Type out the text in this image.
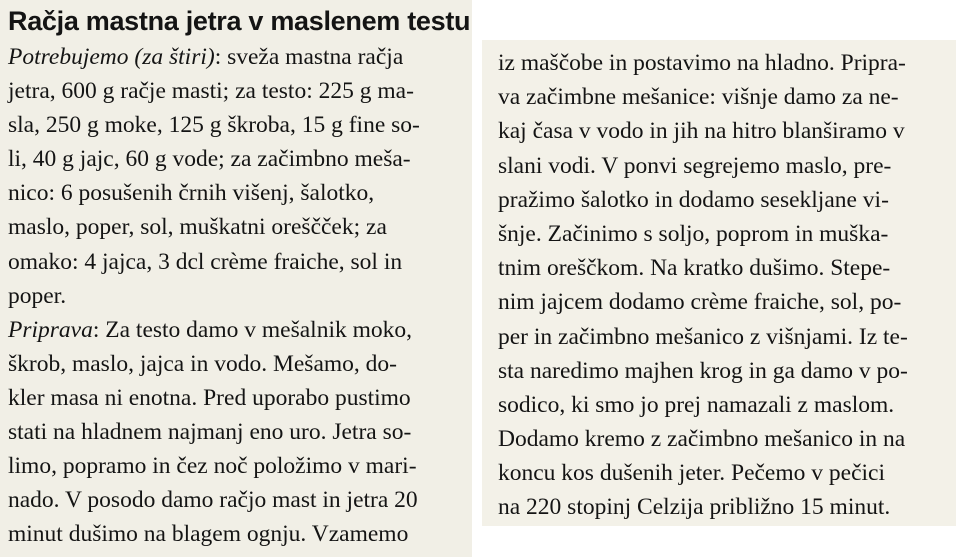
Račja mastna jetra v maslenem testu
Potrebujemo (za štiri): sveža mastna račja
jetra, 600 g račje masti; za testo: 225 g ma-
sla, 250 g moke, 125 g škroba, 15 g fine so-
li, 40 g jajc, 60 g vode; za začimbno meša-
nico: 6 posušenih črnih višenj, šalotko,
maslo, poper, sol, muškatni oreščček; za
omako: 4 jajca, 3 dcl crème fraiche, sol in
poper.
Priprava: Za testo damo v mešalnik moko,
škrob, maslo, jajca in vodo. Mešamo, do-
kler masa ni enotna. Pred uporabo pustimo
stati na hladnem najmanj eno uro. Jetra so-
limo, popramo in čez noč položimo v mari-
nado. V posodo damo račjo mast in jetra 20
minut dušimo na blagem ognju. Vzamemo
iz maščobe in postavimo na hladno. Pripra-
va začimbne mešanice: višnje damo za ne-
kaj časa v vodo in jih na hitro blanširamo v
slani vodi. V ponvi segrejemo maslo, pre-
pražimo šalotko in dodamo sesekljane vi-
šnje. Začinimo s soljo, poprom in muška-
tnim oreščkom. Na kratko dušimo. Stepe-
nim jajcem dodamo crème fraiche, sol, po-
per in začimbno mešanico z višnjami. Iz te-
sta naredimo majhen krog in ga damo v po-
sodico, ki smo jo prej namazali z maslom.
Dodamo kremo z začimbno mešanico in na
koncu kos dušenih jeter. Pečemo v pečici
na 220 stopinj Celzija približno 15 minut.
